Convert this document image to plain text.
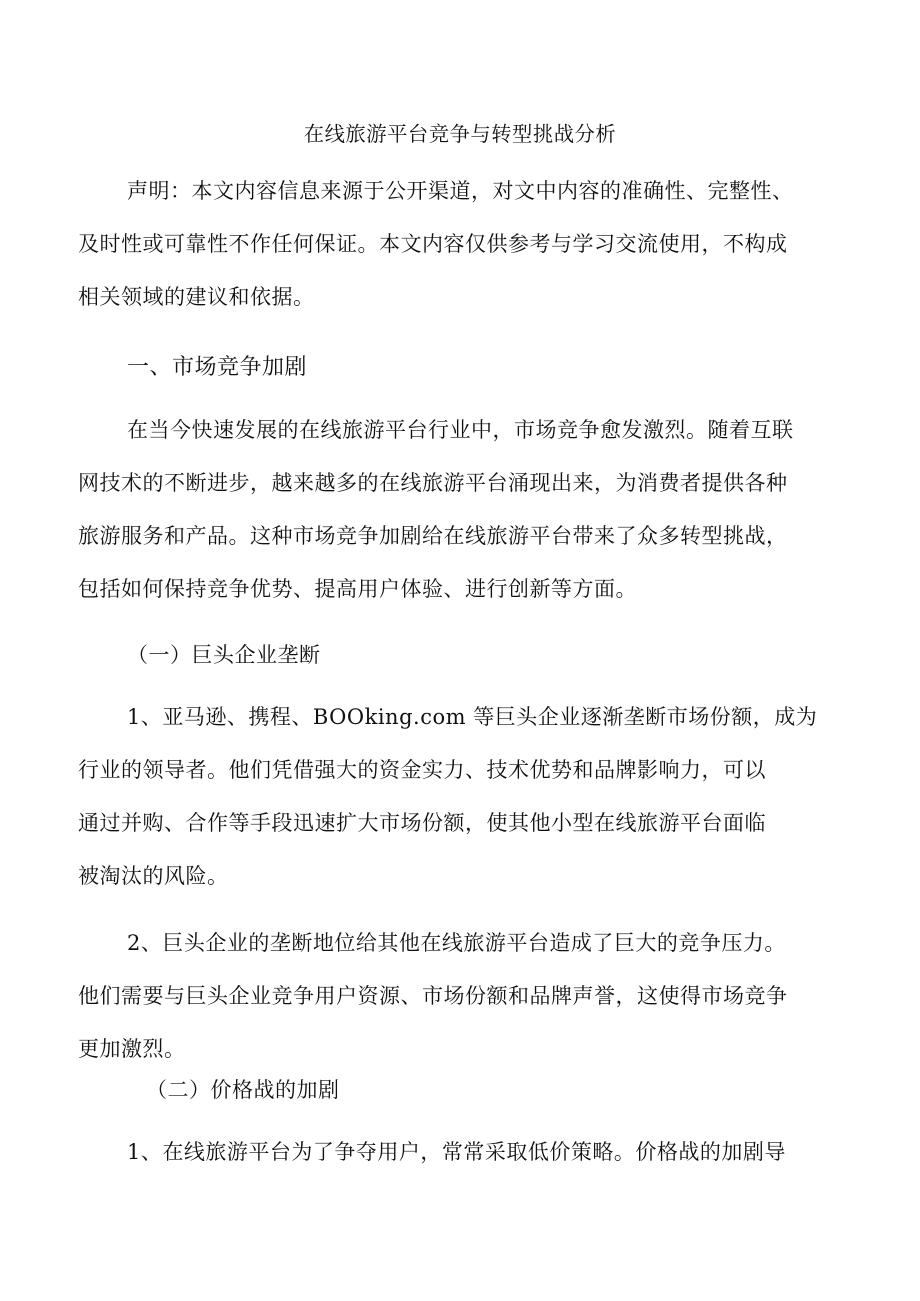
在线旅游平台竞争与转型挑战分析
声明：本文内容信息来源于公开渠道，对文中内容的准确性、完整性、
及时性或可靠性不作任何保证。本文内容仅供参考与学习交流使用，不构成
相关领域的建议和依据。
一、市场竞争加剧
在当今快速发展的在线旅游平台行业中，市场竞争愈发激烈。随着互联
网技术的不断进步，越来越多的在线旅游平台涌现出来，为消费者提供各种
旅游服务和产品。这种市场竞争加剧给在线旅游平台带来了众多转型挑战，
包括如何保持竞争优势、提高用户体验、进行创新等方面。
（一）巨头企业垄断
1、亚马逊、携程、BOOking.com 等巨头企业逐渐垄断市场份额，成为
行业的领导者。他们凭借强大的资金实力、技术优势和品牌影响力，可以
通过并购、合作等手段迅速扩大市场份额，使其他小型在线旅游平台面临
被淘汰的风险。
2、巨头企业的垄断地位给其他在线旅游平台造成了巨大的竞争压力。
他们需要与巨头企业竞争用户资源、市场份额和品牌声誉，这使得市场竞争
更加激烈。
（二）价格战的加剧
1、在线旅游平台为了争夺用户，常常采取低价策略。价格战的加剧导
